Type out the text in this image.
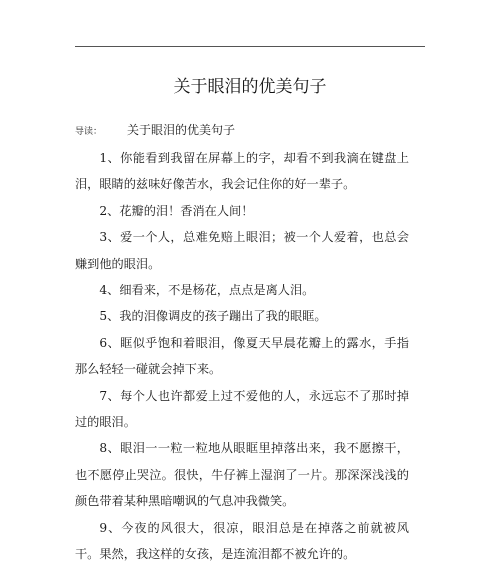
关于眼泪的优美句子
导读： 关于眼泪的优美句子

1、你能看到我留在屏幕上的字，却看不到我滴在键盘上泪，眼睛的兹味好像苦水，我会记住你的好一辈子。

2、花瓣的泪！香消在人间！

3、爱一个人，总难免赔上眼泪；被一个人爱着，也总会赚到他的眼泪。

4、细看来，不是杨花，点点是离人泪。

5、我的泪像调皮的孩子蹦出了我的眼眶。

6、眶似乎饱和着眼泪，像夏天早晨花瓣上的露水，手指那么轻轻一碰就会掉下来。

7、每个人也许都爱上过不爱他的人，永远忘不了那时掉过的眼泪。

8、眼泪一一粒一粒地从眼眶里掉落出来，我不愿擦干，也不愿停止哭泣。很快，牛仔裤上湿润了一片。那深深浅浅的颜色带着某种黑暗嘲讽的气息冲我微笑。

9、今夜的风很大，很凉，眼泪总是在掉落之前就被风干。果然，我这样的女孩，是连流泪都不被允许的。
